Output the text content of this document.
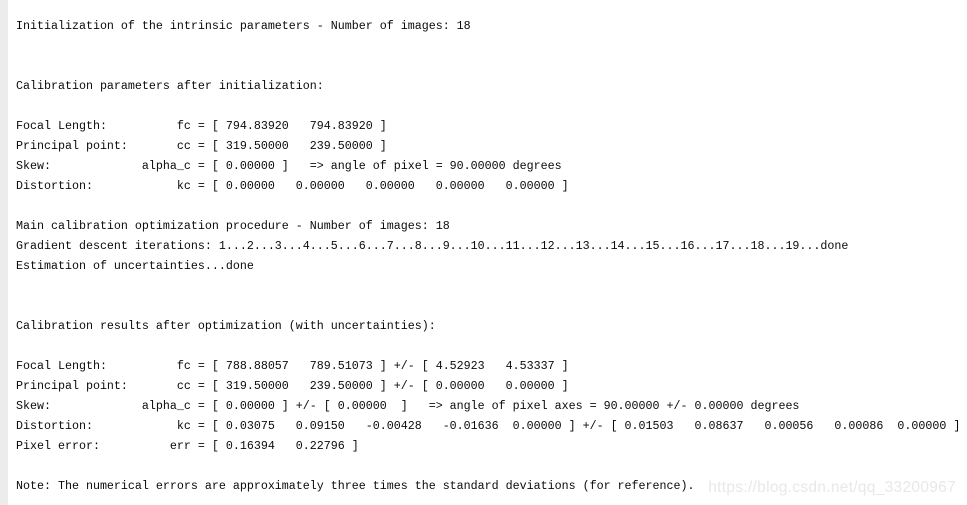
Initialization of the intrinsic parameters - Number of images: 18
Calibration parameters after initialization:
Focal Length:          fc = [ 794.83920   794.83920 ]
Principal point:       cc = [ 319.50000   239.50000 ]
Skew:             alpha_c = [ 0.00000 ]   => angle of pixel = 90.00000 degrees
Distortion:            kc = [ 0.00000   0.00000   0.00000   0.00000   0.00000 ]
Main calibration optimization procedure - Number of images: 18
Gradient descent iterations: 1...2...3...4...5...6...7...8...9...10...11...12...13...14...15...16...17...18...19...done
Estimation of uncertainties...done
Calibration results after optimization (with uncertainties):
Focal Length:          fc = [ 788.88057   789.51073 ] +/- [ 4.52923   4.53337 ]
Principal point:       cc = [ 319.50000   239.50000 ] +/- [ 0.00000   0.00000 ]
Skew:             alpha_c = [ 0.00000 ] +/- [ 0.00000  ]   => angle of pixel axes = 90.00000 +/- 0.00000 degrees
Distortion:            kc = [ 0.03075   0.09150   -0.00428   -0.01636  0.00000 ] +/- [ 0.01503   0.08637   0.00056   0.00086  0.00000 ]
Pixel error:          err = [ 0.16394   0.22796 ]
Note: The numerical errors are approximately three times the standard deviations (for reference). https://blog.csdn.net/qq_33200967
